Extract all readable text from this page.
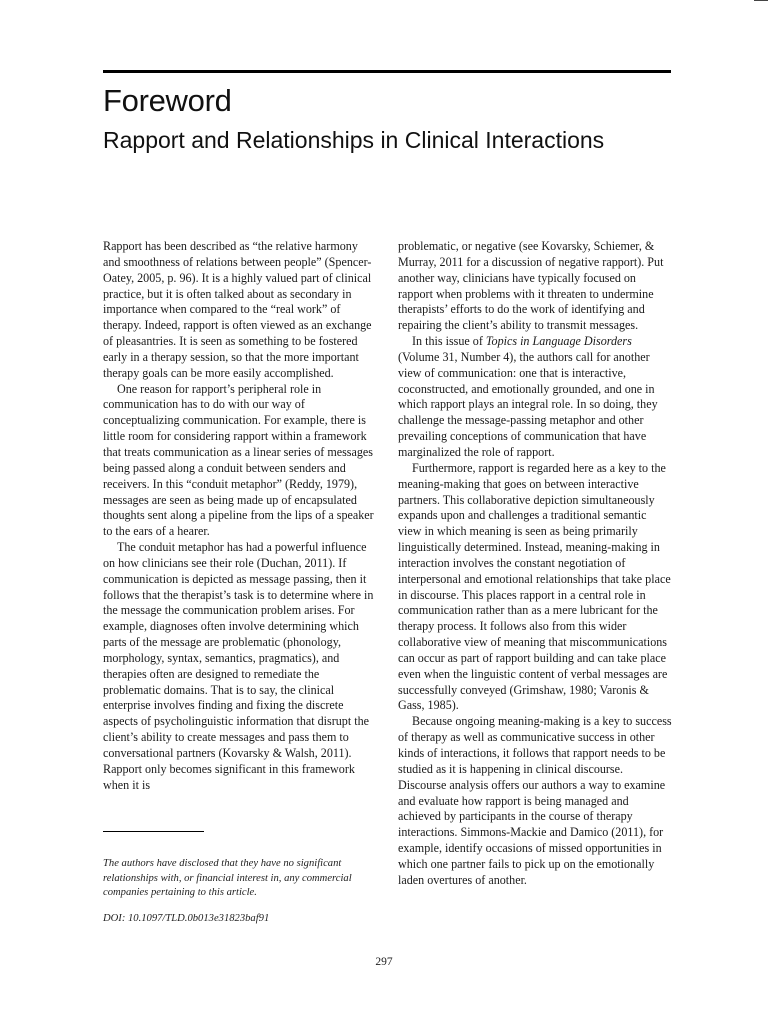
Foreword
Rapport and Relationships in Clinical Interactions

Rapport has been described as “the relative harmony and smoothness of relations between people” (Spencer-Oatey, 2005, p. 96). It is a highly valued part of clinical practice, but it is often talked about as secondary in importance when compared to the “real work” of therapy. Indeed, rapport is often viewed as an exchange of pleasantries. It is seen as something to be fostered early in a therapy session, so that the more important therapy goals can be more easily accomplished.

One reason for rapport’s peripheral role in communication has to do with our way of conceptualizing communication. For example, there is little room for considering rapport within a framework that treats communication as a linear series of messages being passed along a conduit between senders and receivers. In this “conduit metaphor” (Reddy, 1979), messages are seen as being made up of encapsulated thoughts sent along a pipeline from the lips of a speaker to the ears of a hearer.

The conduit metaphor has had a powerful influence on how clinicians see their role (Duchan, 2011). If communication is depicted as message passing, then it follows that the therapist’s task is to determine where in the message the communication problem arises. For example, diagnoses often involve determining which parts of the message are problematic (phonology, morphology, syntax, semantics, pragmatics), and therapies often are designed to remediate the problematic domains. That is to say, the clinical enterprise involves finding and fixing the discrete aspects of psycholinguistic information that disrupt the client’s ability to create messages and pass them to conversational partners (Kovarsky & Walsh, 2011). Rapport only becomes significant in this framework when it is

The authors have disclosed that they have no significant relationships with, or financial interest in, any commercial companies pertaining to this article.

DOI: 10.1097/TLD.0b013e31823baf91

problematic, or negative (see Kovarsky, Schiemer, & Murray, 2011 for a discussion of negative rapport). Put another way, clinicians have typically focused on rapport when problems with it threaten to undermine therapists’ efforts to do the work of identifying and repairing the client’s ability to transmit messages.

In this issue of Topics in Language Disorders (Volume 31, Number 4), the authors call for another view of communication: one that is interactive, coconstructed, and emotionally grounded, and one in which rapport plays an integral role. In so doing, they challenge the message-passing metaphor and other prevailing conceptions of communication that have marginalized the role of rapport.

Furthermore, rapport is regarded here as a key to the meaning-making that goes on between interactive partners. This collaborative depiction simultaneously expands upon and challenges a traditional semantic view in which meaning is seen as being primarily linguistically determined. Instead, meaning-making in interaction involves the constant negotiation of interpersonal and emotional relationships that take place in discourse. This places rapport in a central role in communication rather than as a mere lubricant for the therapy process. It follows also from this wider collaborative view of meaning that miscommunications can occur as part of rapport building and can take place even when the linguistic content of verbal messages are successfully conveyed (Grimshaw, 1980; Varonis & Gass, 1985).

Because ongoing meaning-making is a key to success of therapy as well as communicative success in other kinds of interactions, it follows that rapport needs to be studied as it is happening in clinical discourse. Discourse analysis offers our authors a way to examine and evaluate how rapport is being managed and achieved by participants in the course of therapy interactions. Simmons-Mackie and Damico (2011), for example, identify occasions of missed opportunities in which one partner fails to pick up on the emotionally laden overtures of another.

297
